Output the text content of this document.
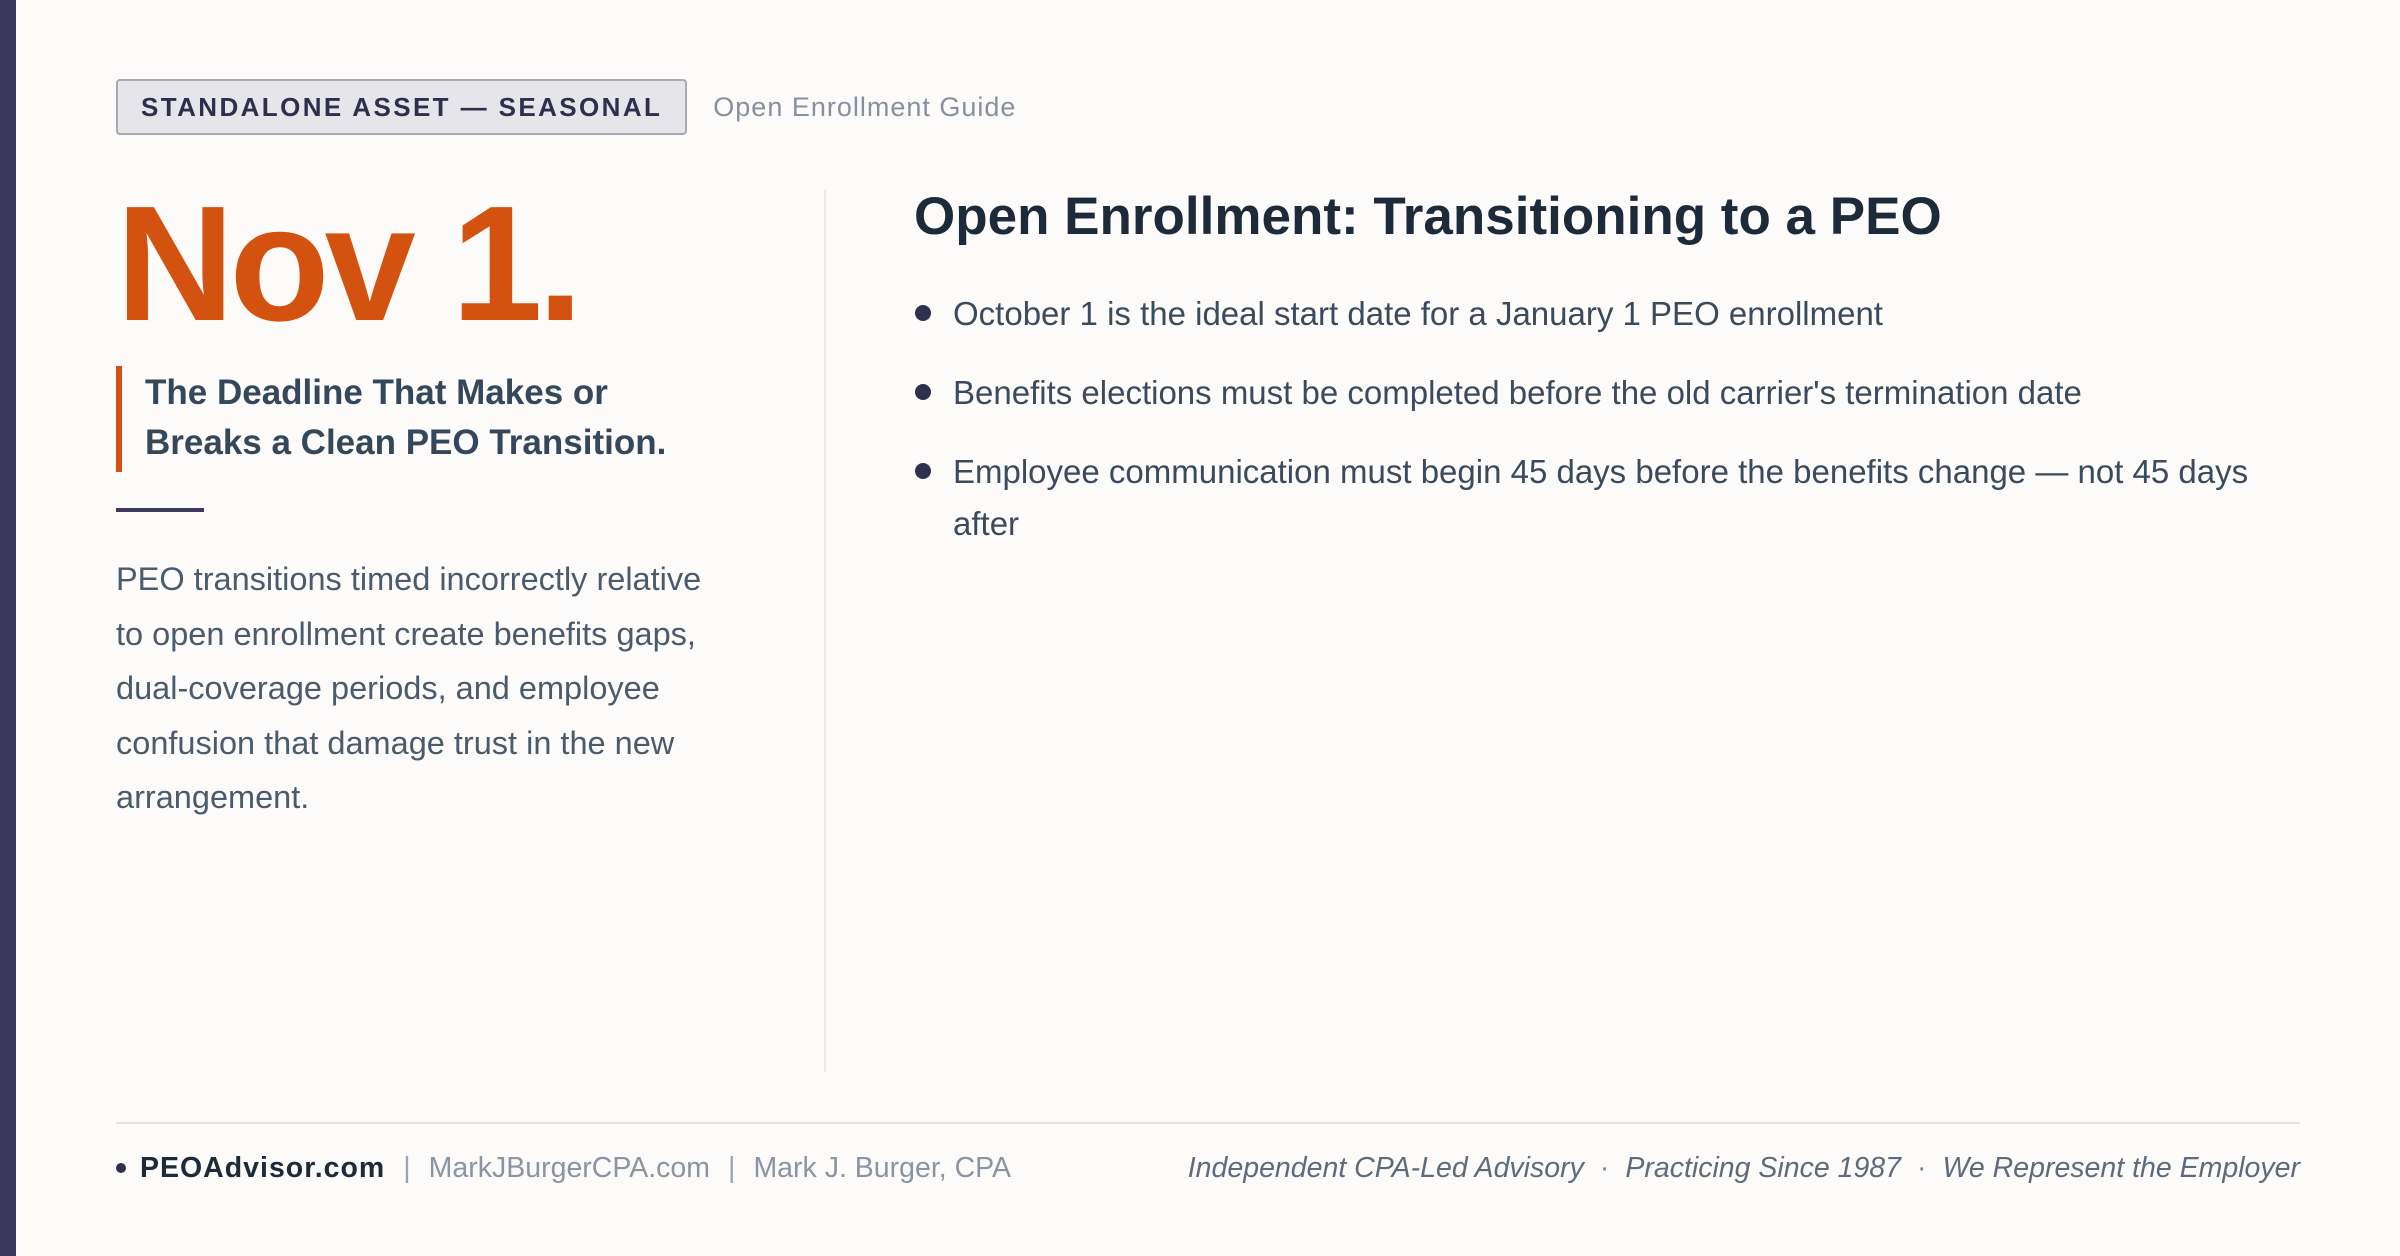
STANDALONE ASSET — SEASONAL	Open Enrollment Guide
Nov 1.
The Deadline That Makes or
Breaks a Clean PEO Transition.

PEO transitions timed incorrectly relative to open enrollment create benefits gaps, dual-coverage periods, and employee confusion that damage trust in the new arrangement.

Open Enrollment: Transitioning to a PEO
October 1 is the ideal start date for a January 1 PEO enrollment
Benefits elections must be completed before the old carrier's termination date
Employee communication must begin 45 days before the benefits change — not 45 days after
PEOAdvisor.com | MarkJBurgerCPA.com | Mark J. Burger, CPA	Independent CPA-Led Advisory · Practicing Since 1987 · We Represent the Employer
